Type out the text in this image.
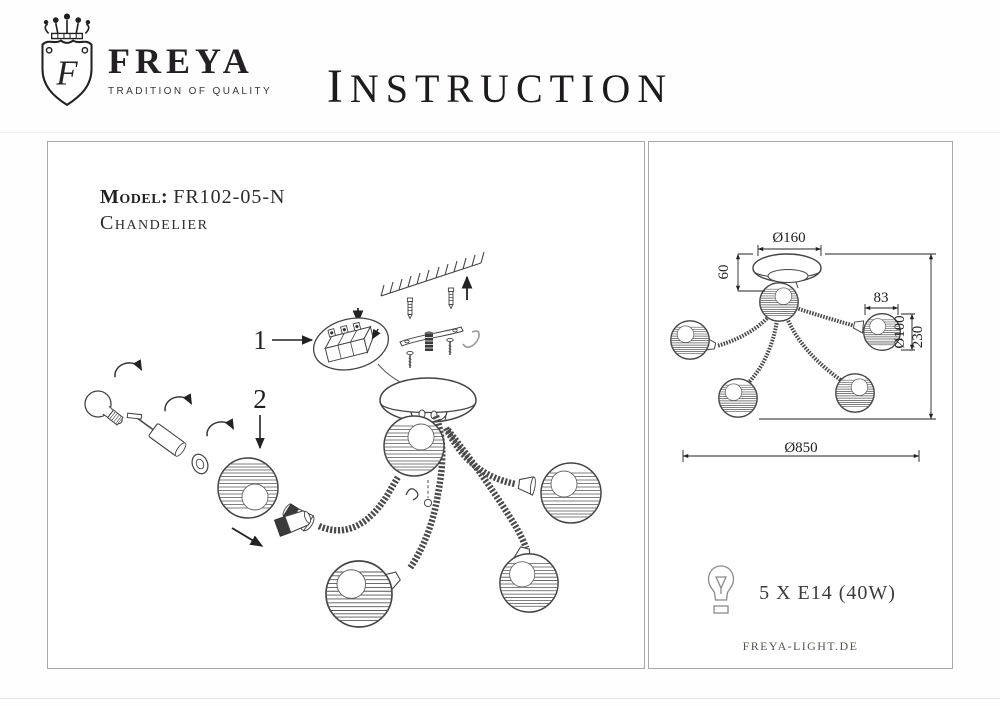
F FREYA
TRADITION OF QUALITY	INSTRUCTION
1
2
Model: FR102-05-N
Chandelier
Ø160
60
83
Ø100 230
Ø850
5 X E14 (40W)
FREYA-LIGHT.DE
